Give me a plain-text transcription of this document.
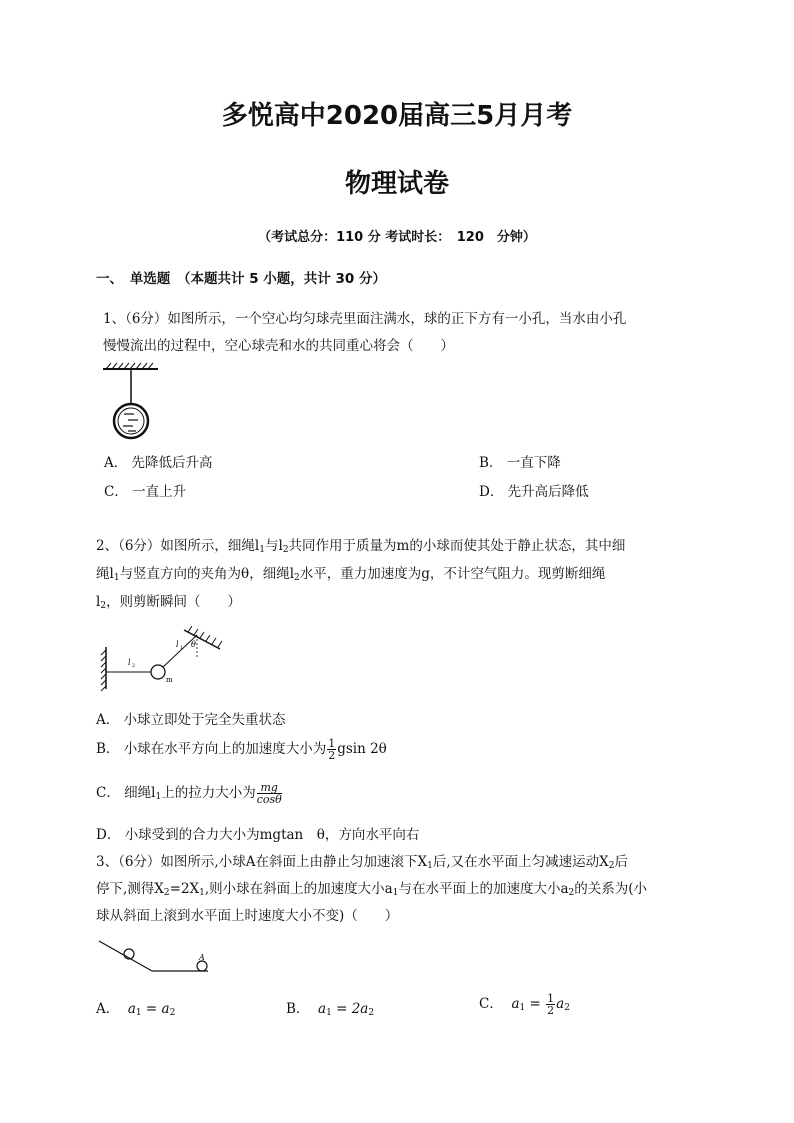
多悦高中2020届高三5月月考
物理试卷
（考试总分：110 分 考试时长：　120　分钟）
一、　单选题　（本题共计 5 小题，共计 30 分）
1、（6分）如图所示，一个空心均匀球壳里面注满水，球的正下方有一小孔，当水由小孔
慢慢流出的过程中，空心球壳和水的共同重心将会（　　）
A． 先降低后升高	B． 一直下降
C． 一直上升	D． 先升高后降低
2、（6分）如图所示，细绳$l_1$与$l_2$共同作用于质量为m的小球而使其处于静止状态，其中细
绳$l_1$与竖直方向的夹角为θ，细绳$l_2$水平，重力加速度为g，不计空气阻力。现剪断细绳
$l_2$，则剪断瞬间（　　）
l 2
l 1 θ
m
A． 小球立即处于完全失重状态
B． 小球在水平方向上的加速度大小为 $\frac{1}{2}$ gsin 2θ
C． 细绳$l_1$上的拉力大小为 $\frac{mg}{\cos\theta}$
D． 小球受到的合力大小为mgtan　θ，方向水平向右
3、（6分）如图所示,小球A在斜面上由静止匀加速滚下$X_1$后,又在水平面上匀减速运动$X_2$后
停下,测得$X_2=2X_1$,则小球在斜面上的加速度大小$a_1$与在水平面上的加速度大小$a_2$的关系为(小
球从斜面上滚到水平面上时速度大小不变)（　　）
A
A． $a_1 = a_2$	B． $a_1 = 2a_2$
C． $a_1 = \frac{1}{2} a_2$
